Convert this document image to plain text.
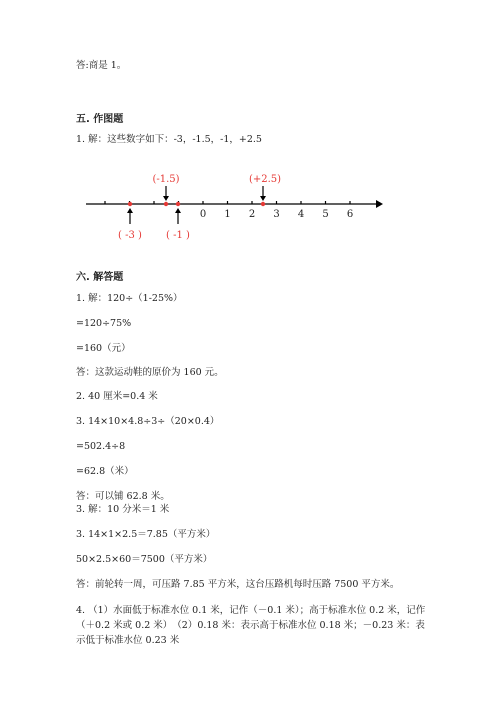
答:商是 1。
五. 作图题
1. 解：这些数字如下：-3，-1.5，-1，+2.5
0 1 2 3 4 5 6
(-1.5)	(+2.5)
( -3 ) ( -1 )
六. 解答题
1. 解：120÷（1-25%）
=120÷75%
=160（元）
答：这款运动鞋的原价为 160 元。
2. 40 厘米=0.4 米
3. 14×10×4.8÷3÷（20×0.4）
=502.4÷8
=62.8（米）
答：可以铺 62.8 米。
3. 解：10 分米＝1 米
3. 14×1×2.5＝7.85（平方米）
50×2.5×60＝7500（平方米）
答：前轮转一周，可压路 7.85 平方米，这台压路机每时压路 7500 平方米。
4. （1）水面低于标准水位 0.1 米，记作（－0.1 米）；高于标准水位 0.2 米，记作（＋0.2 米或 0.2 米）　（2）0.18 米：表示高于标准水位 0.18 米；－0.23 米：表示低于标准水位 0.23 米
